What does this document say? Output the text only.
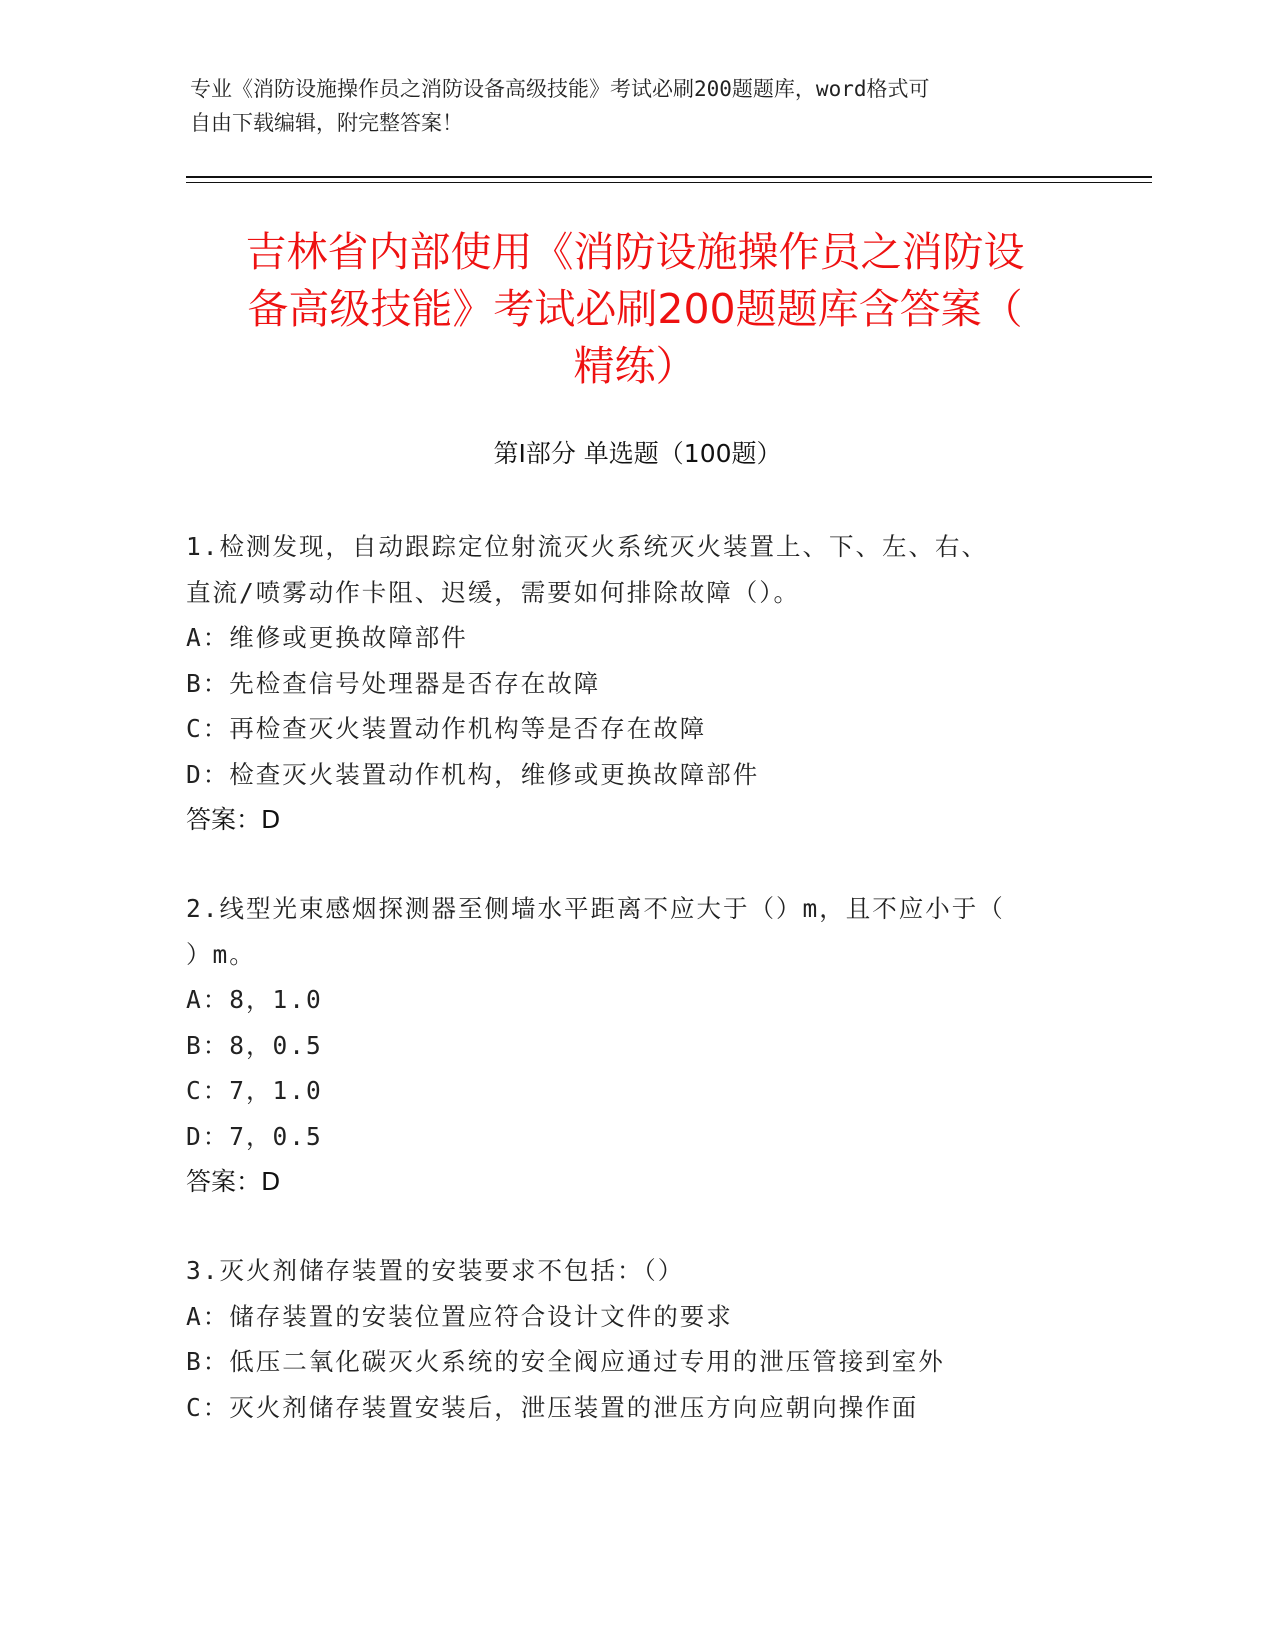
专业《消防设施操作员之消防设备高级技能》考试必刷200题题库，word格式可
自由下载编辑，附完整答案！
吉林省内部使用《消防设施操作员之消防设
备高级技能》考试必刷200题题库含答案（
精练）
第Ⅰ部分 单选题（100题）
1.检测发现，自动跟踪定位射流灭火系统灭火装置上、下、左、右、
直流/喷雾动作卡阻、迟缓，需要如何排除故障（）。
A：维修或更换故障部件
B：先检查信号处理器是否存在故障
C：再检查灭火装置动作机构等是否存在故障
D：检查灭火装置动作机构，维修或更换故障部件
答案：D
2.线型光束感烟探测器至侧墙水平距离不应大于（）m，且不应小于（
）m。
A：8，1.0
B：8，0.5
C：7，1.0
D：7，0.5
答案：D
3.灭火剂储存装置的安装要求不包括：（）
A：储存装置的安装位置应符合设计文件的要求
B：低压二氧化碳灭火系统的安全阀应通过专用的泄压管接到室外
C：灭火剂储存装置安装后，泄压装置的泄压方向应朝向操作面
